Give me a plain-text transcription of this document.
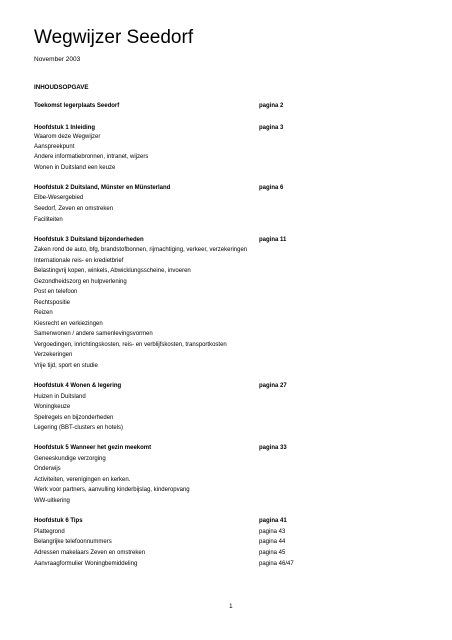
Wegwijzer Seedorf
November 2003
INHOUDSOPGAVE
Toekomst legerplaats Seedorf	pagina 2
Hoofdstuk 1 Inleiding	pagina 3
Waarom deze Wegwijzer
Aanspreekpunt
Andere informatiebronnen, intranet, wijzers
Wonen in Duitsland een keuze
Hoofdstuk 2 Duitsland, Münster en Münsterland	pagina 6
Elbe-Wesergebied
Seedorf, Zeven en omstreken
Faciliteiten
Hoofdstuk 3 Duitsland bijzonderheden	pagina 11
Zaken rond de auto, bfg, brandstofbonnen, rijmachtiging, verkeer, verzekeringen
Internationale reis- en kredietbrief
Belastingvrij kopen, winkels, Abwicklungsscheine, invoeren
Gezondheidszorg en hulpverlening
Post en telefoon
Rechtspositie
Reizen
Kiesrecht en verkiezingen
Samenwonen / andere samenlevingsvormen
Vergoedingen, inrichtingskosten, reis- en verblijfskosten, transportkosten
Verzekeringen
Vrije tijd, sport en studie
Hoofdstuk 4 Wonen & legering	pagina 27
Huizen in Duitsland
Woningkeuze
Spelregels en bijzonderheden
Legering (BBT-clusters en hotels)
Hoofdstuk 5 Wanneer het gezin meekomt	pagina 33
Geneeskundige verzorging
Onderwijs
Activiteiten, verenigingen en kerken.
Werk voor partners, aanvulling kinderbijslag, kinderopvang
WW-uitkering
Hoofdstuk 6 Tips	pagina 41
Plattegrond	pagina 43
Belangrijke telefoonnummers	pagina 44
Adressen makelaars Zeven en omstreken	pagina 45
Aanvraagformulier Woningbemiddeling	pagina 46/47
1
